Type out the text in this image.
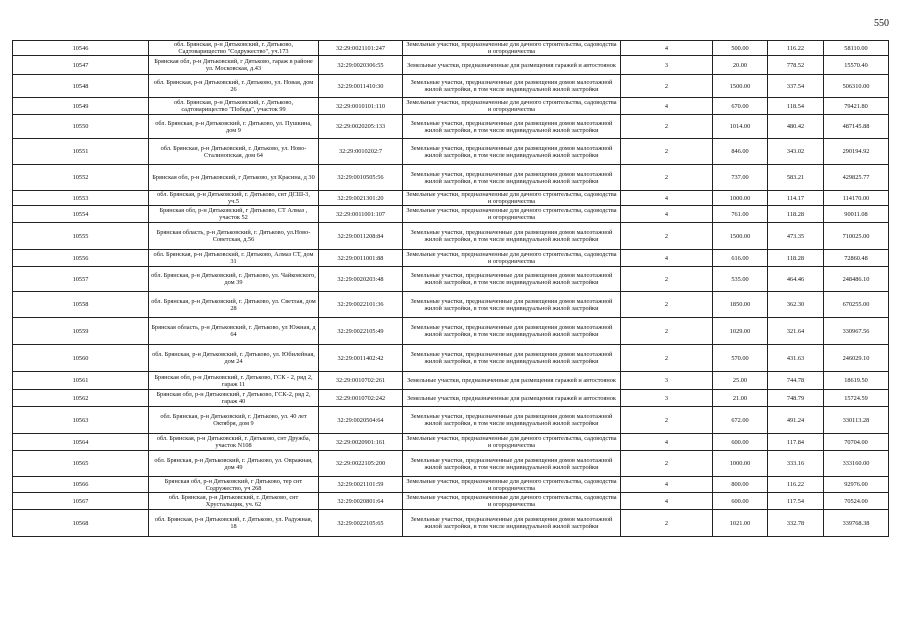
550
10546	обл. Брянская, р-н Дятьковский, г. Дятьково, Садтоварищество "Содружество", уч.173	32:29:0021101:247	Земельные участки, предназначенные для дачного строительства, садоводства и огородничества	4	500.00	116.22	58110.00
10547	Брянская обл, р-н Дятьковский, г Дятьково, гараж в районе ул. Московская, д.43	32:29:0020306:55	Земельные участки, предназначенные для размещения гаражей и автостоянок	3	20.00	778.52	15570.40
10548	обл. Брянская, р-н Дятьковский, г. Дятьково, ул. Новая, дом 26	32:29:0011410:30	Земельные участки, предназначенные для размещения домов малоэтажной жилой застройки, в том числе индивидуальной жилой застройки	2	1500.00	337.54	506310.00
10549	обл. Брянская, р-н Дятьковский, г. Дятьково, садтоварищество "Победа", участок 99	32:29:0010101:110	Земельные участки, предназначенные для дачного строительства, садоводства и огородничества	4	670.00	118.54	79421.80
10550	обл. Брянская, р-н Дятьковский, г. Дятьково, ул. Пушкина, дом 9	32:29:0020205:133	Земельные участки, предназначенные для размещения домов малоэтажной жилой застройки, в том числе индивидуальной жилой застройки	2	1014.00	480.42	487145.88
10551	обл. Брянская, р-н Дятьковский, г. Дятьково, ул. Ново-Сталинопская, дом 64	32:29:0010202:7	Земельные участки, предназначенные для размещения домов малоэтажной жилой застройки, в том числе индивидуальной жилой застройки	2	846.00	343.02	290194.92
10552	Брянская обл, р-н Дятьковский, г Дятьково, ул Красина, д 30	32:29:0010505:56	Земельные участки, предназначенные для размещения домов малоэтажной жилой застройки, в том числе индивидуальной жилой застройки	2	737.00	583.21	429825.77
10553	обл. Брянская, р-н Дятьковский, г. Дятьково, снт ДСШ-3, уч.5	32:29:0021301:20	Земельные участки, предназначенные для дачного строительства, садоводства и огородничества	4	1000.00	114.17	114170.00
10554	Брянская обл, р-н Дятьковский, г Дятьково, СТ Алмаз , участок 52	32:29:0011001:107	Земельные участки, предназначенные для дачного строительства, садоводства и огородничества	4	761.00	118.28	90011.08
10555	Брянская область, р-н Дятьковский, г. Дятьково, ул.Ново-Советская, д.56	32:29:0011208:84	Земельные участки, предназначенные для размещения домов малоэтажной жилой застройки, в том числе индивидуальной жилой застройки	2	1500.00	473.35	710025.00
10556	обл. Брянская, р-н Дятьковский, г. Дятьково, Алмаз СТ, дом 31	32:29:0011001:88	Земельные участки, предназначенные для дачного строительства, садоводства и огородничества	4	616.00	118.28	72860.48
10557	обл. Брянская, р-н Дятьковский, г. Дятьково, ул. Чайковского, дом 39	32:29:0020203:48	Земельные участки, предназначенные для размещения домов малоэтажной жилой застройки, в том числе индивидуальной жилой застройки	2	535.00	464.46	248486.10
10558	обл. Брянская, р-н Дятьковский, г. Дятьково, ул. Светлая, дом 28	32:29:0022101:36	Земельные участки, предназначенные для размещения домов малоэтажной жилой застройки, в том числе индивидуальной жилой застройки	2	1850.00	362.30	670255.00
10559	Брянская область, р-н Дятьковский, г. Дятьково, ул Южная, д 64	32:29:0022105:49	Земельные участки, предназначенные для размещения домов малоэтажной жилой застройки, в том числе индивидуальной жилой застройки	2	1029.00	321.64	330967.56
10560	обл. Брянская, р-н Дятьковский, г. Дятьково, ул. Юбилейная, дом 24	32:29:0011402:42	Земельные участки, предназначенные для размещения домов малоэтажной жилой застройки, в том числе индивидуальной жилой застройки	2	570.00	431.63	246029.10
10561	Брянская обл, р-н Дятьковский, г. Дятьково, ГСК - 2, ряд 2, гараж 11	32:29:0010702:261	Земельные участки, предназначенные для размещения гаражей и автостоянок	3	25.00	744.78	18619.50
10562	Брянская обл, р-н Дятьковский, г Дятьково, ГСК-2, ряд 2, гараж 40	32:29:0010702:242	Земельные участки, предназначенные для размещения гаражей и автостоянок	3	21.00	748.79	15724.59
10563	обл. Брянская, р-н Дятьковский, г. Дятьково, ул. 40 лет Октября, дом 9	32:29:0020504:64	Земельные участки, предназначенные для размещения домов малоэтажной жилой застройки, в том числе индивидуальной жилой застройки	2	672.00	491.24	330113.28
10564	обл. Брянская, р-н Дятьковский, г. Дятьково, снт Дружба, участок N108	32:29:0020901:161	Земельные участки, предназначенные для дачного строительства, садоводства и огородничества	4	600.00	117.84	70704.00
10565	обл. Брянская, р-н Дятьковский, г. Дятьково, ул. Овражная, дом 49	32:29:0022105:200	Земельные участки, предназначенные для размещения домов малоэтажной жилой застройки, в том числе индивидуальной жилой застройки	2	1000.00	333.16	333160.00
10566	Брянская обл, р-н Дятьковский, г Дятьково, тер снт Содружество, уч 268	32:29:0021101:59	Земельные участки, предназначенные для дачного строительства, садоводства и огородничества	4	800.00	116.22	92976.00
10567	обл. Брянская, р-н Дятьковский, г. Дятьково, снт Хрустальщик, уч. 62	32:29:0020801:64	Земельные участки, предназначенные для дачного строительства, садоводства и огородничества	4	600.00	117.54	70524.00
10568	обл. Брянская, р-н Дятьковский, г. Дятьково, ул. Радужная, 18	32:29:0022105:65	Земельные участки, предназначенные для размещения домов малоэтажной жилой застройки, в том числе индивидуальной жилой застройки	2	1021.00	332.78	339768.38
